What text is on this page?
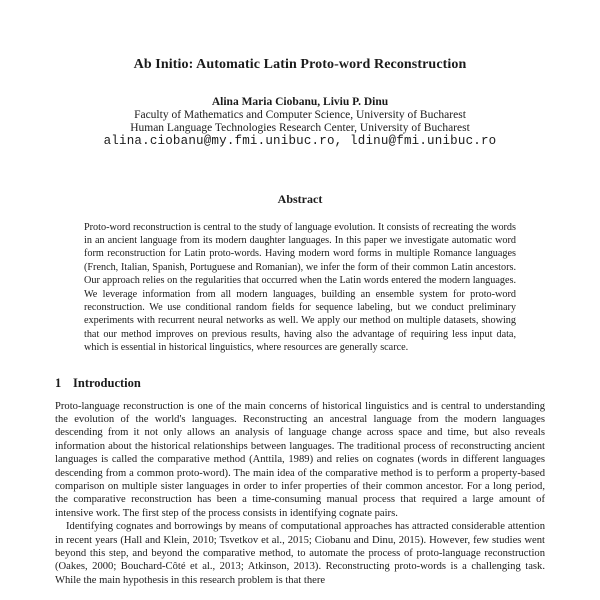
Ab Initio: Automatic Latin Proto-word Reconstruction
Alina Maria Ciobanu, Liviu P. Dinu
Faculty of Mathematics and Computer Science, University of Bucharest
Human Language Technologies Research Center, University of Bucharest
alina.ciobanu@my.fmi.unibuc.ro, ldinu@fmi.unibuc.ro
Abstract

Proto-word reconstruction is central to the study of language evolution. It consists of recreating the words in an ancient language from its modern daughter languages. In this paper we investigate automatic word form reconstruction for Latin proto-words. Having modern word forms in multiple Romance languages (French, Italian, Spanish, Portuguese and Romanian), we infer the form of their common Latin ancestors. Our approach relies on the regularities that occurred when the Latin words entered the modern languages. We leverage information from all modern languages, building an ensemble system for proto-word reconstruction. We use conditional random fields for sequence labeling, but we conduct preliminary experiments with recurrent neural networks as well. We apply our method on multiple datasets, showing that our method improves on previous results, having also the advantage of requiring less input data, which is essential in historical linguistics, where resources are generally scarce.

1 Introduction

Proto-language reconstruction is one of the main concerns of historical linguistics and is central to understanding the evolution of the world's languages. Reconstructing an ancestral language from the modern languages descending from it not only allows an analysis of language change across space and time, but also reveals information about the historical relationships between languages. The traditional process of reconstructing ancient languages is called the comparative method (Anttila, 1989) and relies on cognates (words in different languages descending from a common proto-word). The main idea of the comparative method is to perform a property-based comparison on multiple sister languages in order to infer properties of their common ancestor. For a long period, the comparative reconstruction has been a time-consuming manual process that required a large amount of intensive work. The first step of the process consists in identifying cognate pairs.

Identifying cognates and borrowings by means of computational approaches has attracted considerable attention in recent years (Hall and Klein, 2010; Tsvetkov et al., 2015; Ciobanu and Dinu, 2015). However, few studies went beyond this step, and beyond the comparative method, to automate the process of proto-language reconstruction (Oakes, 2000; Bouchard-Côté et al., 2013; Atkinson, 2013). Reconstructing proto-words is a challenging task. While the main hypothesis in this research problem is that there
